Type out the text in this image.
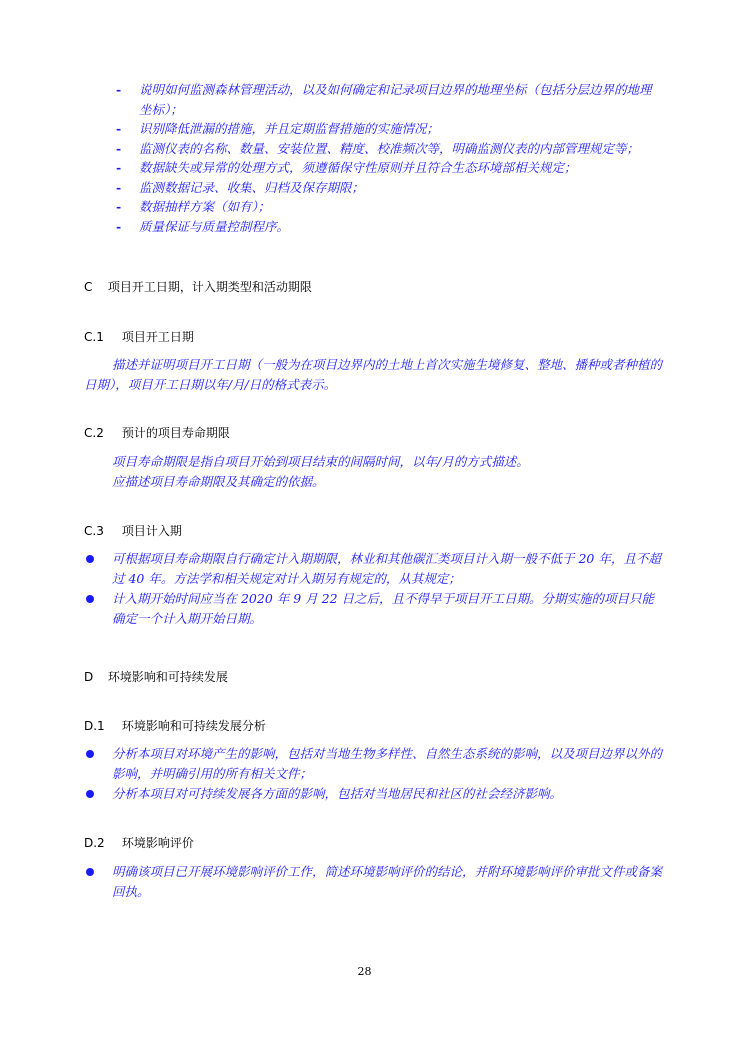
- 说明如何监测森林管理活动，以及如何确定和记录项目边界的地理坐标（包括分层边界的地理坐标）；
- 识别降低泄漏的措施，并且定期监督措施的实施情况；
- 监测仪表的名称、数量、安装位置、精度、校准频次等，明确监测仪表的内部管理规定等；
- 数据缺失或异常的处理方式，须遵循保守性原则并且符合生态环境部相关规定；
- 监测数据记录、收集、归档及保存期限；
- 数据抽样方案（如有）；
- 质量保证与质量控制程序。
C 项目开工日期，计入期类型和活动期限
C.1 项目开工日期
描述并证明项目开工日期（一般为在项目边界内的土地上首次实施生境修复、整地、播种或者种植的日期），项目开工日期以年/月/日的格式表示。
C.2 预计的项目寿命期限
项目寿命期限是指自项目开始到项目结束的间隔时间，以年/月的方式描述。
应描述项目寿命期限及其确定的依据。
C.3 项目计入期
可根据项目寿命期限自行确定计入期期限，林业和其他碳汇类项目计入期一般不低于 20 年，且不超过 40 年。方法学和相关规定对计入期另有规定的，从其规定；
计入期开始时间应当在 2020 年 9 月 22 日之后，且不得早于项目开工日期。分期实施的项目只能确定一个计入期开始日期。
D 环境影响和可持续发展
D.1 环境影响和可持续发展分析
分析本项目对环境产生的影响，包括对当地生物多样性、自然生态系统的影响，以及项目边界以外的影响，并明确引用的所有相关文件；
分析本项目对可持续发展各方面的影响，包括对当地居民和社区的社会经济影响。
D.2 环境影响评价
明确该项目已开展环境影响评价工作，简述环境影响评价的结论，并附环境影响评价审批文件或备案回执。
28
